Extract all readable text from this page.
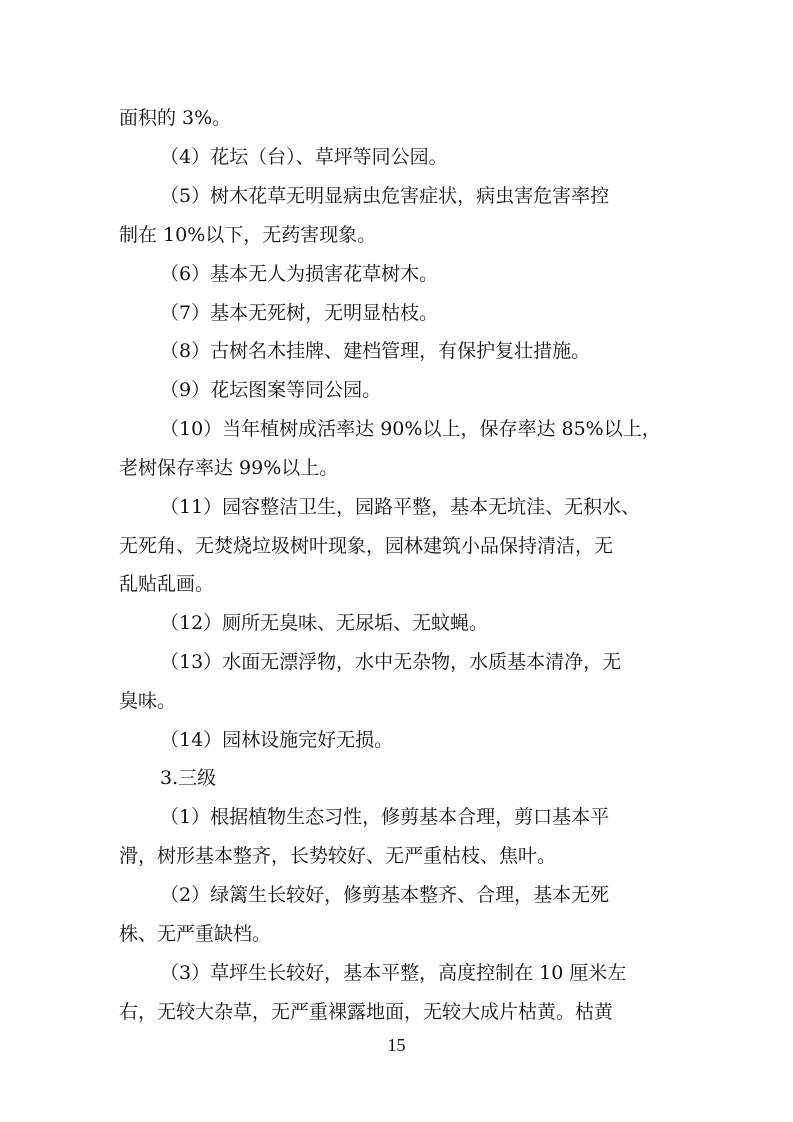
面积的 3%。
（4）花坛（台）、草坪等同公园。
（5）树木花草无明显病虫危害症状，病虫害危害率控
制在 10%以下，无药害现象。
（6）基本无人为损害花草树木。
（7）基本无死树，无明显枯枝。
（8）古树名木挂牌、建档管理，有保护复壮措施。
（9）花坛图案等同公园。
（10）当年植树成活率达 90%以上，保存率达 85%以上，
老树保存率达 99%以上。
（11）园容整洁卫生，园路平整，基本无坑洼、无积水、
无死角、无焚烧垃圾树叶现象，园林建筑小品保持清洁，无
乱贴乱画。
（12）厕所无臭味、无尿垢、无蚊蝇。
（13）水面无漂浮物，水中无杂物，水质基本清净，无
臭味。
（14）园林设施完好无损。
3.三级
（1）根据植物生态习性，修剪基本合理，剪口基本平
滑，树形基本整齐，长势较好、无严重枯枝、焦叶。
（2）绿篱生长较好，修剪基本整齐、合理，基本无死
株、无严重缺档。
（3）草坪生长较好，基本平整，高度控制在 10 厘米左
右，无较大杂草，无严重裸露地面，无较大成片枯黄。枯黄
15
